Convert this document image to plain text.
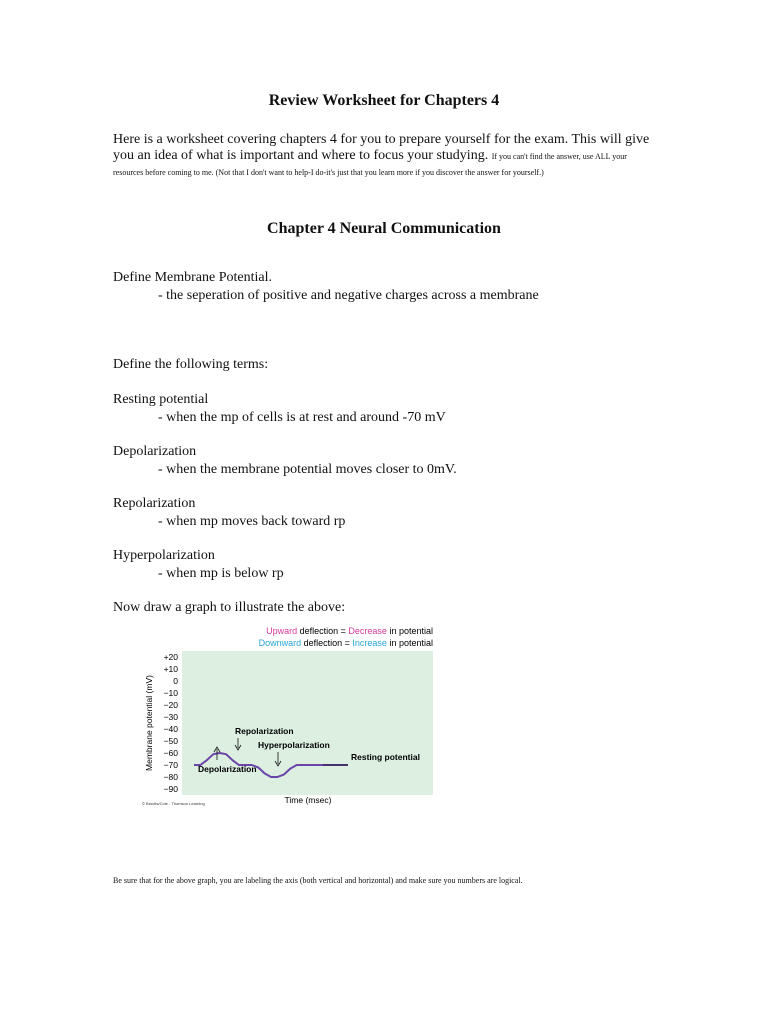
Review Worksheet for Chapters 4
Here is a worksheet covering chapters 4 for you to prepare yourself for the exam. This will give you an idea of what is important and where to focus your studying. If you can't find the answer, use ALL your resources before coming to me. (Not that I don't want to help-I do-it's just that you learn more if you discover the answer for yourself.)
Chapter 4 Neural Communication
Define Membrane Potential.
- the seperation of positive and negative charges across a membrane
Define the following terms:
Resting potential
- when the mp of cells is at rest and around -70 mV
Depolarization
- when the membrane potential moves closer to 0mV.
Repolarization
- when mp moves back toward rp
Hyperpolarization
- when mp is below rp
Now draw a graph to illustrate the above:
Upward deflection = Decrease in potential
Downward deflection = Increase in potential
+20
+10
0
−10
−20
−30
−40
−50
−60
−70
−80
−90
Membrane potential (mV)
Time (msec)
Repolarization
Hyperpolarization
Depolarization
Resting potential
© Brooks/Cole - Thomson Learning
Be sure that for the above graph, you are labeling the axis (both vertical and horizontal) and make sure you numbers are logical.
